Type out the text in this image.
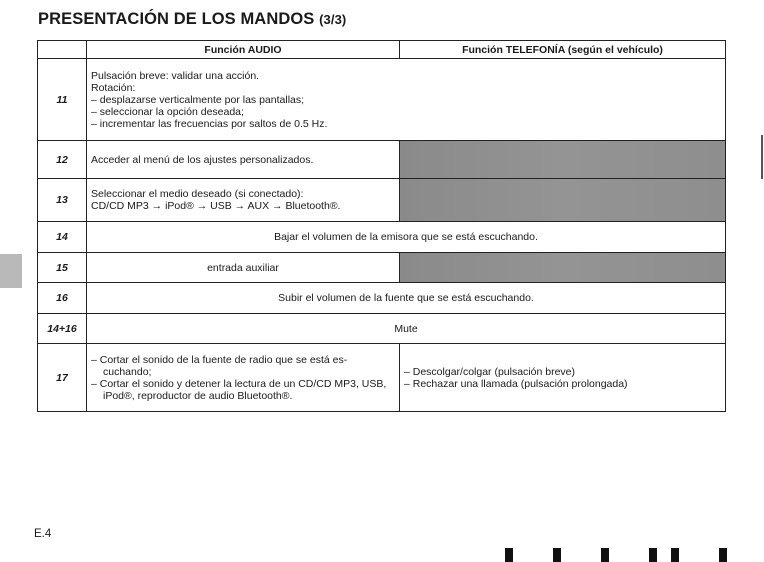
PRESENTACIÓN DE LOS MANDOS (3/3)
	Función AUDIO	Función TELEFONÍA (según el vehículo)
11	Pulsación breve: validar una acción.
Rotación:
– desplazarse verticalmente por las pantallas;
– seleccionar la opción deseada;
– incrementar las frecuencias por saltos de 0.5 Hz.	

12	Acceder al menú de los ajustes personalizados.	
13	Seleccionar el medio deseado (si conectado):
CD/CD MP3 → iPod® → USB → AUX → Bluetooth®.	

14	Bajar el volumen de la emisora que se está escuchando.	
15	entrada auxiliar	
16	Subir el volumen de la fuente que se está escuchando.	
14+16	Mute	
17	– Cortar el sonido de la fuente de radio que se está es- cuchando;
– Cortar el sonido y detener la lectura de un CD/CD MP3, USB, iPod®, reproductor de audio Bluetooth®.	– Descolgar/colgar (pulsación breve)
– Rechazar una llamada (pulsación prolongada)
E.4
